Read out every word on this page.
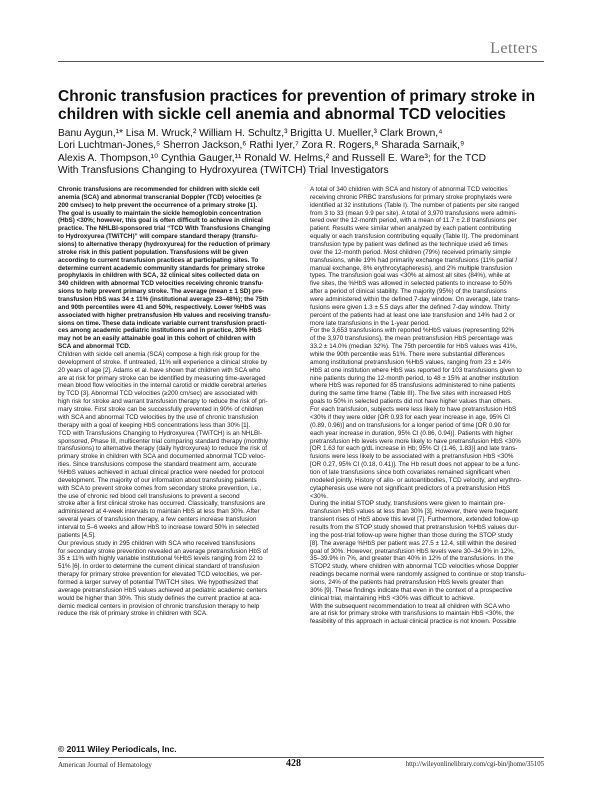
Letters
Chronic transfusion practices for prevention of primary stroke in children with sickle cell anemia and abnormal TCD velocities
Banu Aygun,¹* Lisa M. Wruck,² William H. Schultz,³ Brigitta U. Mueller,³ Clark Brown,⁴
Lori Luchtman-Jones,⁵ Sherron Jackson,⁶ Rathi Iyer,⁷ Zora R. Rogers,⁸ Sharada Sarnaik,⁹
Alexis A. Thompson,¹⁰ Cynthia Gauger,¹¹ Ronald W. Helms,² and Russell E. Ware³; for the TCD
With Transfusions Changing to Hydroxyurea (TWiTCH) Trial Investigators
Chronic transfusions are recommended for children with sickle cell
anemia (SCA) and abnormal transcranial Doppler (TCD) velocities (≥
200 cm/sec) to help prevent the occurrence of a primary stroke [1].
The goal is usually to maintain the sickle hemoglobin concentration
(HbS) <30%; however, this goal is often difficult to achieve in clinical
practice. The NHLBI-sponsored trial “TCD With Transfusions Changing
to Hydroxyurea (TWiTCH)” will compare standard therapy (transfu-
sions) to alternative therapy (hydroxyurea) for the reduction of primary
stroke risk in this patient population. Transfusions will be given
according to current transfusion practices at participating sites. To
determine current academic community standards for primary stroke
prophylaxis in children with SCA, 32 clinical sites collected data on
340 children with abnormal TCD velocities receiving chronic transfu-
sions to help prevent primary stroke. The average (mean ± 1 SD) pre-
transfusion HbS was 34 ± 11% (institutional average 23–48%); the 75th
and 90th percentiles were 41 and 50%, respectively. Lower %HbS was
associated with higher pretransfusion Hb values and receiving transfu-
sions on time. These data indicate variable current transfusion practi-
ces among academic pediatric institutions and in practice, 30% HbS
may not be an easily attainable goal in this cohort of children with
SCA and abnormal TCD.
Children with sickle cell anemia (SCA) compose a high risk group for the
development of stroke. If untreated, 11% will experience a clinical stroke by
20 years of age [2]. Adams et al. have shown that children with SCA who
are at risk for primary stroke can be identified by measuring time-averaged
mean blood flow velocities in the internal carotid or middle cerebral arteries
by TCD [3]. Abnormal TCD velocities (≥200 cm/sec) are associated with
high risk for stroke and warrant transfusion therapy to reduce the risk of pri-
mary stroke. First stroke can be successfully prevented in 90% of children
with SCA and abnormal TCD velocities by the use of chronic transfusion
therapy with a goal of keeping HbS concentrations less than 30% [1].
TCD with Transfusions Changing to Hydroxyurea (TWiTCH) is an NHLBI-
sponsored, Phase III, multicenter trial comparing standard therapy (monthly
transfusions) to alternative therapy (daily hydroxyurea) to reduce the risk of
primary stroke in children with SCA and documented abnormal TCD veloc-
ities. Since transfusions compose the standard treatment arm, accurate
%HbS values achieved in actual clinical practice were needed for protocol
development. The majority of our information about transfusing patients
with SCA to prevent stroke comes from secondary stroke prevention, i.e.,
the use of chronic red blood cell transfusions to prevent a second
stroke after a first clinical stroke has occurred. Classically, transfusions are
administered at 4-week intervals to maintain HbS at less than 30%. After
several years of transfusion therapy, a few centers increase transfusion
interval to 5–6 weeks and allow HbS to increase toward 50% in selected
patients [4,5].
Our previous study in 295 children with SCA who received transfusions
for secondary stroke prevention revealed an average pretransfusion HbS of
35 ± 11% with highly variable institutional %HbS levels ranging from 22 to
51% [6]. In order to determine the current clinical standard of transfusion
therapy for primary stroke prevention for elevated TCD velocities, we per-
formed a larger survey of potential TWiTCH sites. We hypothesized that
average pretransfusion HbS values achieved at pediatric academic centers
would be higher than 30%. This study defines the current practice at aca-
demic medical centers in provision of chronic transfusion therapy to help
reduce the risk of primary stroke in children with SCA.
A total of 340 children with SCA and history of abnormal TCD velocities
receiving chronic PRBC transfusions for primary stroke prophylaxis were
identified at 32 institutions (Table I). The number of patients per site ranged
from 3 to 33 (mean 9.9 per site). A total of 3,970 transfusions were admini-
tered over the 12-month period, with a mean of 11.7 ± 2.8 transfusions per
patient. Results were similar when analyzed by each patient contributing
equally or each transfusion contributing equally (Table II). The predominant
transfusion type by patient was defined as the technique used ≥6 times
over the 12-month period. Most children (79%) received primarily simple
transfusions, while 19% had primarily exchange transfusions (11% partial /
manual exchange, 8% erythrocytapheresis), and 2% multiple transfusion
types. The transfusion goal was <30% at almost all sites (84%), while at
five sites, the %HbS was allowed in selected patients to increase to 50%
after a period of clinical stability. The majority (95%) of the transfusions
were administered within the defined 7-day window. On average, late trans-
fusions were given 1.3 ± 5.5 days after the defined 7-day window. Thirty
percent of the patients had at least one late transfusion and 14% had 2 or
more late transfusions in the 1-year period.
For the 3,653 transfusions with reported %HbS values (representing 92%
of the 3,970 transfusions), the mean pretransfusion HbS percentage was
33.2 ± 14.0% (median 32%). The 75th percentile for HbS values was 41%,
while the 90th percentile was 51%. There were substantial differences
among institutional pretransfusion %HbS values, ranging from 23 ± 14%
HbS at one institution where HbS was reported for 103 transfusions given to
nine patients during the 12-month period, to 48 ± 15% at another institution
where HbS was reported for 85 transfusions administered to nine patients
during the same time frame (Table III). The five sites with increased HbS
goals to 50% in selected patients did not have higher values than others.
For each transfusion, subjects were less likely to have pretransfusion HbS
<30% if they were older [OR 0.93 for each year increase in age, 95% CI
(0.89, 0.96)] and on transfusions for a longer period of time [OR 0.90 for
each year increase in duration, 95% CI (0.86, 0.94)]. Patients with higher
pretransfusion Hb levels were more likely to have pretransfusion HbS <30%
[OR 1.63 for each g/dL increase in Hb; 95% CI (1.46, 1.83)] and late trans-
fusions were less likely to be associated with a pretransfusion HbS <30%
[OR 0.27, 95% CI (0.18, 0.41)]. The Hb result does not appear to be a func-
tion of late transfusions since both covariates remained significant when
modeled jointly. History of allo- or autoantibodies, TCD velocity, and erythro-
cytapheresis use were not significant predictors of a pretransfusion HbS
<30%.
During the initial STOP study, transfusions were given to maintain pre-
transfusion HbS values at less than 30% [3]. However, there were frequent
transient rises of HbS above this level [7]. Furthermore, extended follow-up
results from the STOP study showed that pretransfusion %HbS values dur-
ing the post-trial follow-up were higher than those during the STOP study
[8]. The average %HbS per patient was 27.5 ± 12.4, still within the desired
goal of 30%. However, pretransfusion HbS levels were 30–34.9% in 12%,
35–39.9% in 7%, and greater than 40% in 12% of the transfusions. In the
STOP2 study, where children with abnormal TCD velocities whose Doppler
readings became normal were randomly assigned to continue or stop transfu-
sions, 24% of the patients had pretransfusion HbS levels greater than
30% [9]. These findings indicate that even in the context of a prospective
clinical trial, maintaining HbS <30% was difficult to achieve.
With the subsequent recommendation to treat all children with SCA who
are at risk for primary stroke with transfusions to maintain HbS <30%, the
feasibility of this approach in actual clinical practice is not known. Possible
© 2011 Wiley Periodicals, Inc.
American Journal of Hematology	428	http://wileyonlinelibrary.com/cgi-bin/jhome/35105
